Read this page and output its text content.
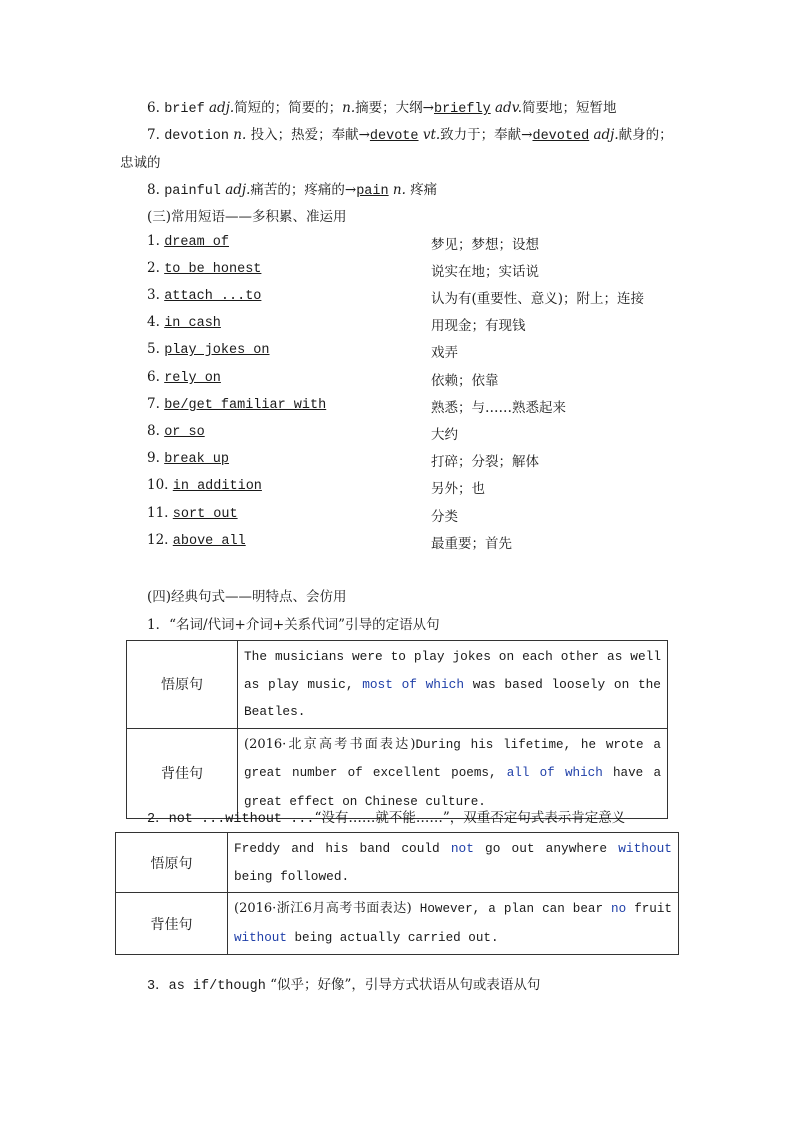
6. brief adj.简短的；简要的；n.摘要；大纲→briefly adv.简要地；短暂地
7. devotion n. 投入；热爱；奉献→devote vt.致力于；奉献→devoted adj.献身的；
忠诚的
8. painful adj.痛苦的；疼痛的→pain n. 疼痛
(三)常用短语——多积累、准运用
1. dream of	梦见；梦想；设想
2. to be honest	说实在地；实话说
3. attach ...to	认为有(重要性、意义)；附上；连接
4. in cash	用现金；有现钱
5. play jokes on	戏弄
6. rely on	依赖；依靠
7. be/get familiar with	熟悉；与……熟悉起来
8. or so	大约
9. break up	打碎；分裂；解体
10. in addition	另外；也
11. sort out	分类
12. above all	最重要；首先
(四)经典句式——明特点、会仿用
1．“名词/代词+介词+关系代词”引导的定语从句
悟原句	The musicians were to play jokes on each other as well as play music, most of which was based loosely on the Beatles.
背佳句	(2016·北京高考书面表达)During his lifetime, he wrote a great number of excellent poems, all of which have a great effect on Chinese culture.
2．not ...without ...“没有……就不能……”，双重否定句式表示肯定意义
悟原句	Freddy and his band could not go out anywhere without being followed.
背佳句	(2016·浙江6月高考书面表达) However, a plan can bear no fruit without being actually carried out.
3．as if/though “似乎；好像”，引导方式状语从句或表语从句
